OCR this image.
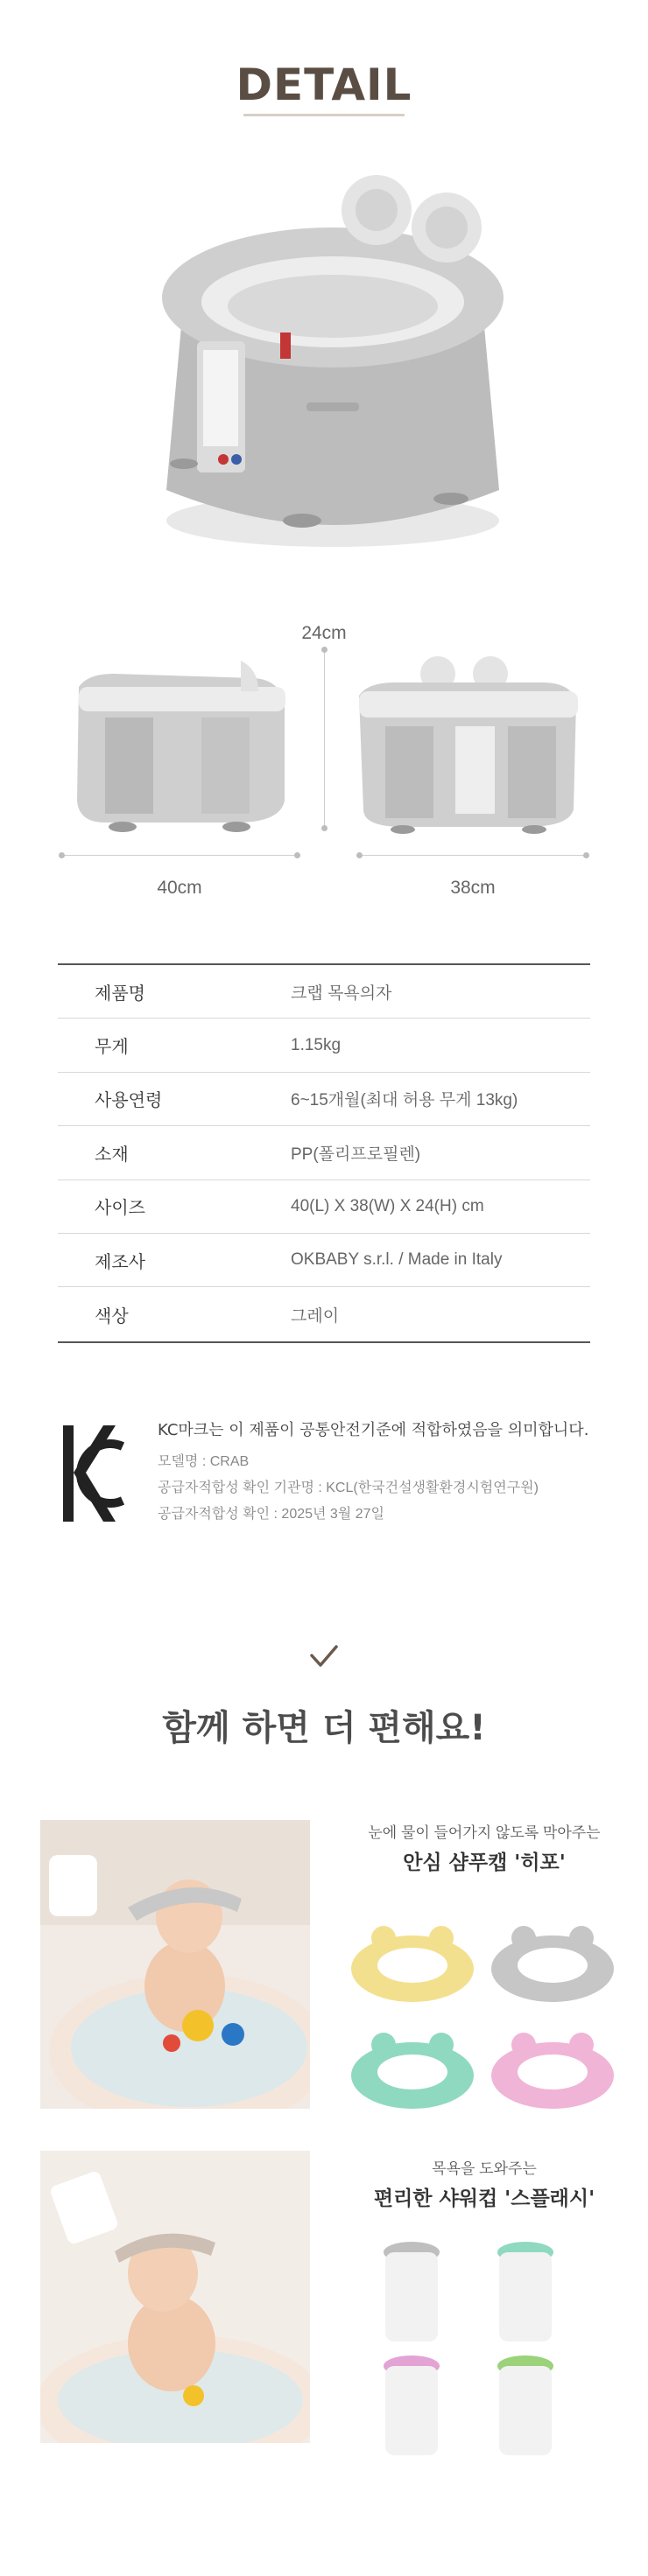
DETAIL
24cm
40cm	38cm
제품명	크랩 목욕의자
무게	1.15kg
사용연령	6~15개월(최대 허용 무게 13kg)
소재	PP(폴리프로필렌)
사이즈	40(L) X 38(W) X 24(H) cm
제조사	OKBABY s.r.l. / Made in Italy
색상	그레이
KC마크는 이 제품이 공통안전기준에 적합하였음을 의미합니다.
모델명 : CRAB
공급자적합성 확인 기관명 : KCL(한국건설생활환경시험연구원)
공급자적합성 확인 : 2025년 3월 27일
함께 하면 더 편해요!
눈에 물이 들어가지 않도록 막아주는
안심 샴푸캡 '히포'
목욕을 도와주는
편리한 샤워컵 '스플래시'
